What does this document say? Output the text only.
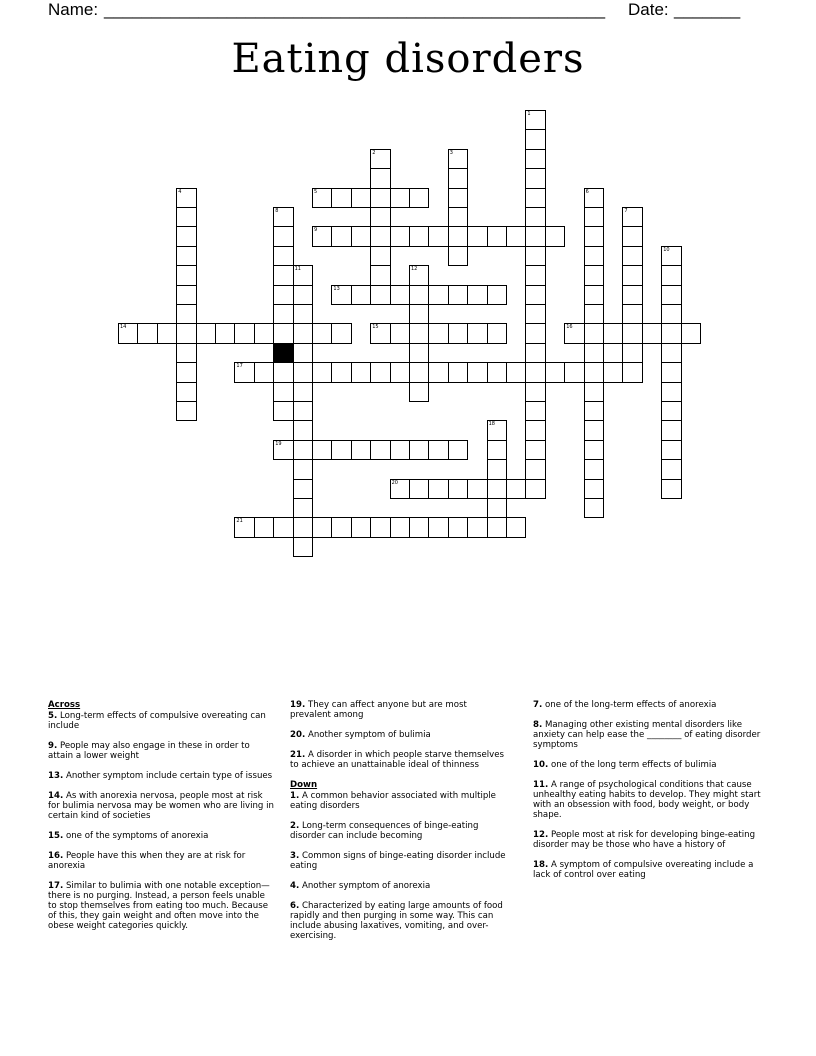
Name: _____________________________________________________ Date: _______
Eating disorders
1
2	3
4	5	6
7
8
9
10
11	12
13
14	15	16
17
18
19
20
21
Across
5. Long-term effects of compulsive overeating can include
9. People may also engage in these in order to attain a lower weight
13. Another symptom include certain type of issues
14. As with anorexia nervosa, people most at risk for bulimia nervosa may be women who are living in certain kind of societies
15. one of the symptoms of anorexia
16. People have this when they are at risk for anorexia
17. Similar to bulimia with one notable exception—there is no purging. Instead, a person feels unable to stop themselves from eating too much. Because of this, they gain weight and often move into the obese weight categories quickly.
19. They can affect anyone but are most prevalent among
20. Another symptom of bulimia
21. A disorder in which people starve themselves to achieve an unattainable ideal of thinness
Down
1. A common behavior associated with multiple eating disorders
2. Long-term consequences of binge-eating disorder can include becoming
3. Common signs of binge-eating disorder include eating
4. Another symptom of anorexia
6. Characterized by eating large amounts of food rapidly and then purging in some way. This can include abusing laxatives, vomiting, and over-exercising.
7. one of the long-term effects of anorexia
8. Managing other existing mental disorders like anxiety can help ease the ________ of eating disorder symptoms
10. one of the long term effects of bulimia
11. A range of psychological conditions that cause unhealthy eating habits to develop. They might start with an obsession with food, body weight, or body shape.
12. People most at risk for developing binge-eating disorder may be those who have a history of
18. A symptom of compulsive overeating include a lack of control over eating
